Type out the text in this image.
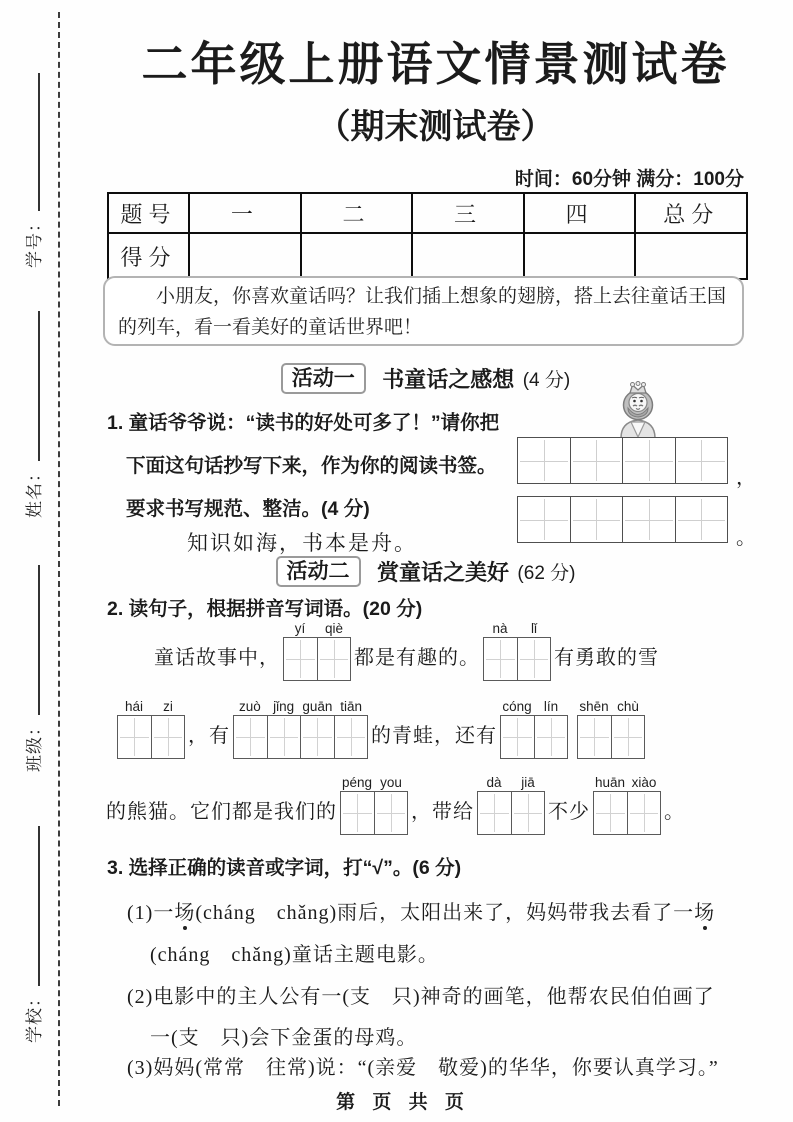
学号：
姓名：
班级：
学校：
二年级上册语文情景测试卷
（期末测试卷）
时间：60分钟 满分：100分
题号	一	二	三	四	总分
得分					

小朋友，你喜欢童话吗？让我们插上想象的翅膀，搭上去往童话王国的列车，看一看美好的童话世界吧！

活动一 书童话之感想 (4 分)
1. 童话爷爷说：“读书的好处可多了！”请你把
下面这句话抄写下来，作为你的阅读书签。
要求书写规范、整洁。(4 分)
知识如海，书本是舟。
，
。
活动二 赏童话之美好 (62 分)
2. 读句子，根据拼音写词语。(20 分)
童话故事中，
yí	qiè
都是有趣的。
nà	lǐ
有勇敢的雪
hái	zi
，有
zuò jǐng guān tiān
的青蛙，还有
cóng lín	shēn chù
的熊猫。它们都是我们的
péng you
，带给
dà	jiā
不少
huān xiào
。
3. 选择正确的读音或字词，打“√”。(6 分)
(1)一场(cháng　chǎng)雨后，太阳出来了，妈妈带我去看了一场
(cháng　chǎng)童话主题电影。
(2)电影中的主人公有一(支　只)神奇的画笔，他帮农民伯伯画了
一(支　只)会下金蛋的母鸡。
(3)妈妈(常常　往常)说：“(亲爱　敬爱)的华华，你要认真学习。”
第 页 共 页
